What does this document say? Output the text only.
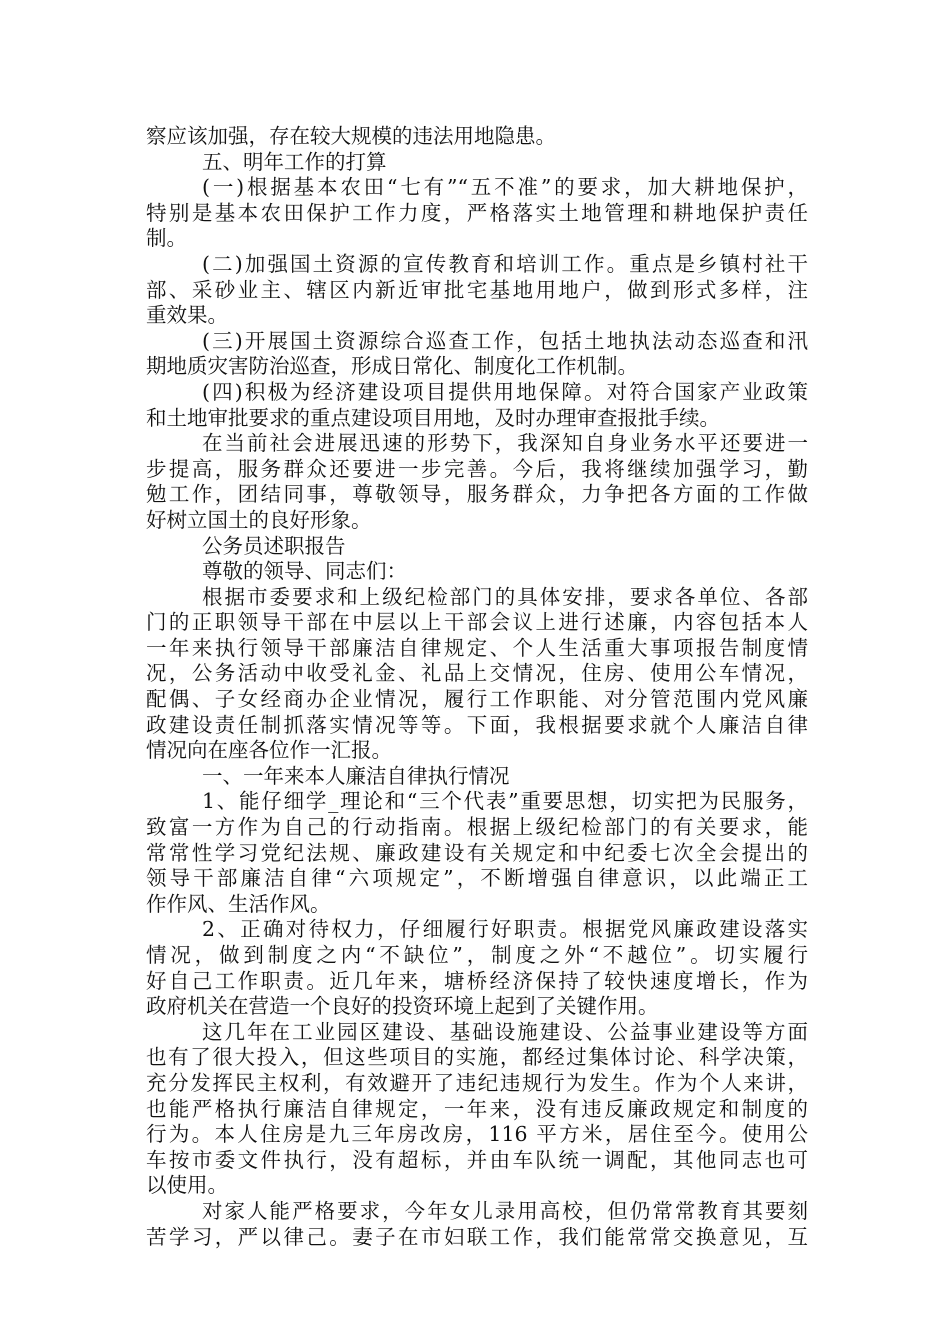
察应该加强，存在较大规模的违法用地隐患。
五、明年工作的打算
(一)根据基本农田“七有”“五不准”的要求，加大耕地保护，
特别是基本农田保护工作力度，严格落实土地管理和耕地保护责任
制。
(二)加强国土资源的宣传教育和培训工作。重点是乡镇村社干
部、采砂业主、辖区内新近审批宅基地用地户，做到形式多样，注
重效果。
(三)开展国土资源综合巡查工作，包括土地执法动态巡查和汛
期地质灾害防治巡查，形成日常化、制度化工作机制。
(四)积极为经济建设项目提供用地保障。对符合国家产业政策
和土地审批要求的重点建设项目用地，及时办理审查报批手续。
在当前社会进展迅速的形势下，我深知自身业务水平还要进一
步提高，服务群众还要进一步完善。今后，我将继续加强学习，勤
勉工作，团结同事，尊敬领导，服务群众，力争把各方面的工作做
好树立国土的良好形象。
公务员述职报告
尊敬的领导、同志们：
根据市委要求和上级纪检部门的具体安排，要求各单位、各部
门的正职领导干部在中层以上干部会议上进行述廉，内容包括本人
一年来执行领导干部廉洁自律规定、个人生活重大事项报告制度情
况，公务活动中收受礼金、礼品上交情况，住房、使用公车情况，
配偶、子女经商办企业情况，履行工作职能、对分管范围内党风廉
政建设责任制抓落实情况等等。下面，我根据要求就个人廉洁自律
情况向在座各位作一汇报。
一、一年来本人廉洁自律执行情况
1、能仔细学_理论和“三个代表”重要思想，切实把为民服务，
致富一方作为自己的行动指南。根据上级纪检部门的有关要求，能
常常性学习党纪法规、廉政建设有关规定和中纪委七次全会提出的
领导干部廉洁自律“六项规定”，不断增强自律意识，以此端正工
作作风、生活作风。
2、正确对待权力，仔细履行好职责。根据党风廉政建设落实
情况，做到制度之内“不缺位”，制度之外“不越位”。切实履行
好自己工作职责。近几年来，塘桥经济保持了较快速度增长，作为
政府机关在营造一个良好的投资环境上起到了关键作用。
这几年在工业园区建设、基础设施建设、公益事业建设等方面
也有了很大投入，但这些项目的实施，都经过集体讨论、科学决策，
充分发挥民主权利，有效避开了违纪违规行为发生。作为个人来讲，
也能严格执行廉洁自律规定，一年来，没有违反廉政规定和制度的
行为。本人住房是九三年房改房，116 平方米，居住至今。使用公
车按市委文件执行，没有超标，并由车队统一调配，其他同志也可
以使用。
对家人能严格要求，今年女儿录用高校，但仍常常教育其要刻
苦学习，严以律己。妻子在市妇联工作，我们能常常交换意见，互
